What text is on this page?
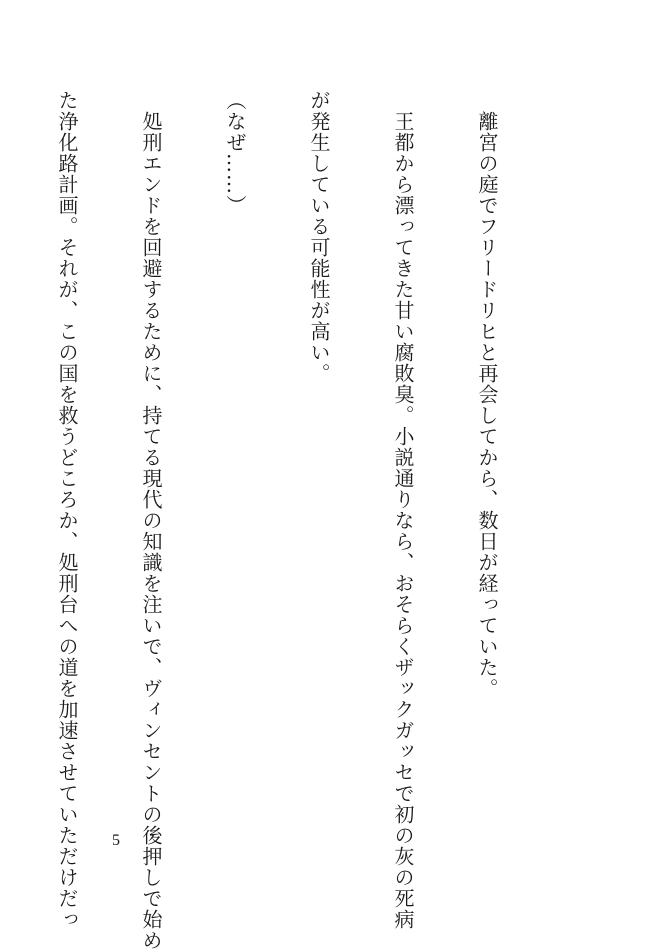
　離宮の庭でフリードリヒと再会してから、数日が経っていた。

　王都から漂ってきた甘い腐敗臭。小説通りなら、おそらくザックガッセで初の灰の死病

が発生している可能性が高い。

（なぜ……）

　処刑エンドを回避するために、持てる現代の知識を注いで、ヴィンセントの後押しで始め

た浄化路計画。それが、この国を救うどころか、処刑台への道を加速させていただけだっ

5
